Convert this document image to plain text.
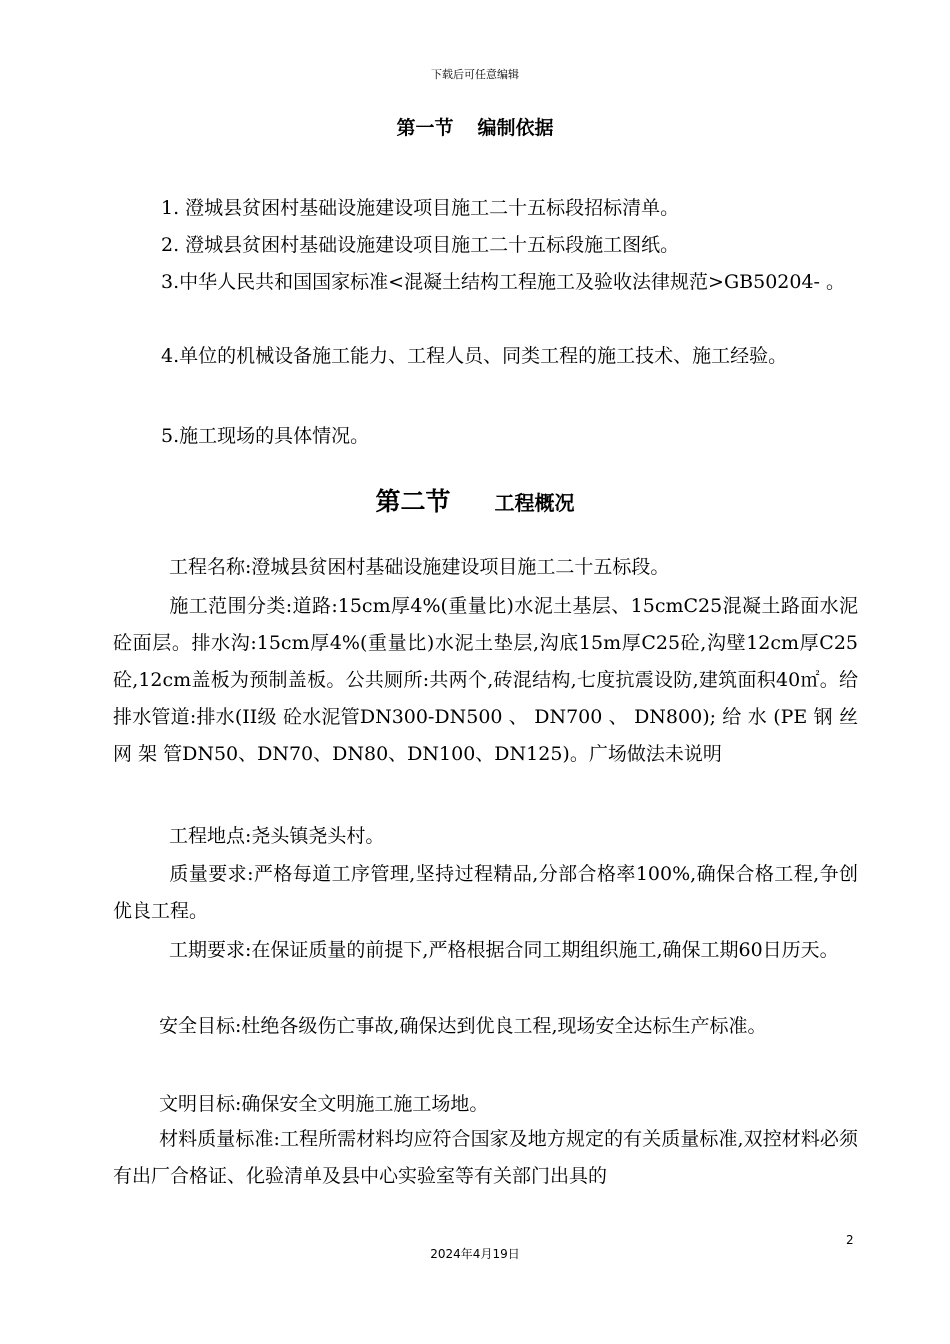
下载后可任意编辑
第一节 编制依据
1. 澄城县贫困村基础设施建设项目施工二十五标段招标清单。
2. 澄城县贫困村基础设施建设项目施工二十五标段施工图纸。
3.中华人民共和国国家标准<混凝土结构工程施工及验收法律规范>GB50204- 。
4.单位的机械设备施工能力、工程人员、同类工程的施工技术、施工经验。
5.施工现场的具体情况。
第二节 工程概况
工程名称:澄城县贫困村基础设施建设项目施工二十五标段。
施工范围分类:道路:15cm厚4%(重量比)水泥土基层、15cmC25混凝土路面水泥砼面层。排水沟:15cm厚4%(重量比)水泥土垫层,沟底15m厚C25砼,沟壁12cm厚C25砼,12cm盖板为预制盖板。公共厕所:共两个,砖混结构,七度抗震设防,建筑面积40㎡。给排水管道:排水(II级 砼水泥管DN300-DN500 、 DN700 、 DN800); 给 水 (PE 钢 丝 网 架 管DN50、DN70、DN80、DN100、DN125)。广场做法未说明
工程地点:尧头镇尧头村。
质量要求:严格每道工序管理,坚持过程精品,分部合格率100%,确保合格工程,争创优良工程。
工期要求:在保证质量的前提下,严格根据合同工期组织施工,确保工期60日历天。
安全目标:杜绝各级伤亡事故,确保达到优良工程,现场安全达标生产标准。
文明目标:确保安全文明施工施工场地。
材料质量标准:工程所需材料均应符合国家及地方规定的有关质量标准,双控材料必须有出厂合格证、化验清单及县中心实验室等有关部门出具的
2
2024年4月19日
